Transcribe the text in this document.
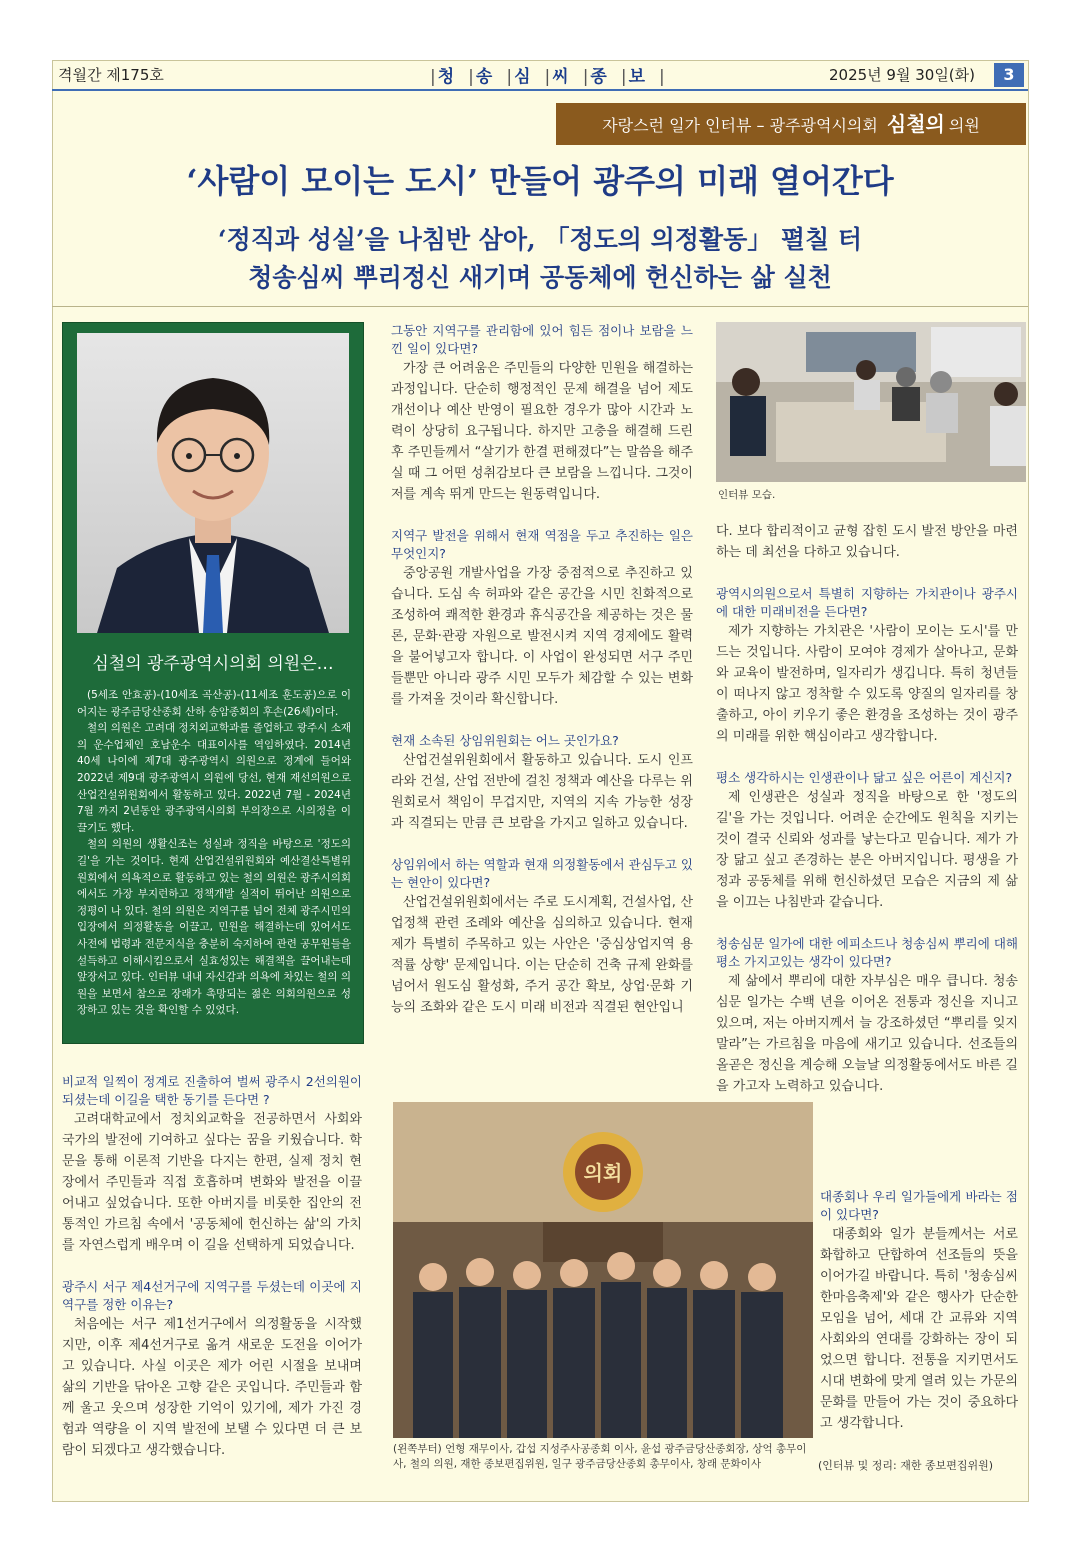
격월간 제175호	| 청 | 송 | 심 | 씨 | 종 | 보 |	2025년 9월 30일(화)	3
자랑스런 일가 인터뷰 – 광주광역시의회 심철의 의원
‘사람이 모이는 도시’ 만들어 광주의 미래 열어간다
‘정직과 성실’을 나침반 삼아, 「정도의 의정활동」 펼칠 터
청송심씨 뿌리정신 새기며 공동체에 헌신하는 삶 실천
심철의 광주광역시의회 의원은…

(5세조 안효공)-(10세조 곡산공)-(11세조 훈도공)으로 이어지는 광주금당산종회 산하 송암종회의 후손(26세)이다.

철의 의원은 고려대 정치외교학과를 졸업하고 광주시 소재의 운수업체인 호남운수 대표이사를 역임하였다. 2014년 40세 나이에 제7대 광주광역시 의원으로 정계에 들어와 2022년 제9대 광주광역시 의원에 당선, 현재 재선의원으로 산업건설위원회에서 활동하고 있다. 2022년 7월 - 2024년 7월 까지 2년동안 광주광역시의회 부의장으로 시의정을 이끌기도 했다.

철의 의원의 생활신조는 성실과 정직을 바탕으로 '정도의 길'을 가는 것이다. 현재 산업건설위원회와 예산결산특별위원회에서 의욕적으로 활동하고 있는 철의 의원은 광주시의회에서도 가장 부지런하고 정책개발 실적이 뛰어난 의원으로 정평이 나 있다. 철의 의원은 지역구를 넘어 전체 광주시민의 입장에서 의정활동을 이끌고, 민원을 해결하는데 있어서도 사전에 법령과 전문지식을 충분히 숙지하여 관련 공무원들을 설득하고 이해시킴으로서 실효성있는 해결책을 끌어내는데 앞장서고 있다. 인터뷰 내내 자신감과 의욕에 차있는 철의 의원을 보면서 참으로 장래가 촉망되는 젊은 의회의원으로 성장하고 있는 것을 확인할 수 있었다.

비교적 일찍이 정계로 진출하여 벌써 광주시 2선의원이 되셨는데 이길을 택한 동기를 든다면 ?

고려대학교에서 정치외교학을 전공하면서 사회와 국가의 발전에 기여하고 싶다는 꿈을 키웠습니다. 학문을 통해 이론적 기반을 다지는 한편, 실제 정치 현장에서 주민들과 직접 호흡하며 변화와 발전을 이끌어내고 싶었습니다. 또한 아버지를 비롯한 집안의 전통적인 가르침 속에서 '공동체에 헌신하는 삶'의 가치를 자연스럽게 배우며 이 길을 선택하게 되었습니다.

광주시 서구 제4선거구에 지역구를 두셨는데 이곳에 지역구를 정한 이유는?

처음에는 서구 제1선거구에서 의정활동을 시작했지만, 이후 제4선거구로 옮겨 새로운 도전을 이어가고 있습니다. 사실 이곳은 제가 어린 시절을 보내며 삶의 기반을 닦아온 고향 같은 곳입니다. 주민들과 함께 울고 웃으며 성장한 기억이 있기에, 제가 가진 경험과 역량을 이 지역 발전에 보탤 수 있다면 더 큰 보람이 되겠다고 생각했습니다.

그동안 지역구를 관리함에 있어 힘든 점이나 보람을 느낀 일이 있다면?

가장 큰 어려움은 주민들의 다양한 민원을 해결하는 과정입니다. 단순히 행정적인 문제 해결을 넘어 제도 개선이나 예산 반영이 필요한 경우가 많아 시간과 노력이 상당히 요구됩니다. 하지만 고충을 해결해 드린 후 주민들께서 “살기가 한결 편해졌다”는 말씀을 해주실 때 그 어떤 성취감보다 큰 보람을 느낍니다. 그것이 저를 계속 뛰게 만드는 원동력입니다.

지역구 발전을 위해서 현재 역점을 두고 추진하는 일은 무엇인지?

중앙공원 개발사업을 가장 중점적으로 추진하고 있습니다. 도심 속 허파와 같은 공간을 시민 친화적으로 조성하여 쾌적한 환경과 휴식공간을 제공하는 것은 물론, 문화·관광 자원으로 발전시켜 지역 경제에도 활력을 불어넣고자 합니다. 이 사업이 완성되면 서구 주민들뿐만 아니라 광주 시민 모두가 체감할 수 있는 변화를 가져올 것이라 확신합니다.

현재 소속된 상임위원회는 어느 곳인가요?

산업건설위원회에서 활동하고 있습니다. 도시 인프라와 건설, 산업 전반에 걸친 정책과 예산을 다루는 위원회로서 책임이 무겁지만, 지역의 지속 가능한 성장과 직결되는 만큼 큰 보람을 가지고 일하고 있습니다.

상임위에서 하는 역할과 현재 의정활동에서 관심두고 있는 현안이 있다면?

산업건설위원회에서는 주로 도시계획, 건설사업, 산업정책 관련 조례와 예산을 심의하고 있습니다. 현재 제가 특별히 주목하고 있는 사안은 '중심상업지역 용적률 상향' 문제입니다. 이는 단순히 건축 규제 완화를 넘어서 원도심 활성화, 주거 공간 확보, 상업·문화 기능의 조화와 같은 도시 미래 비전과 직결된 현안입니

인터뷰 모습.

다. 보다 합리적이고 균형 잡힌 도시 발전 방안을 마련하는 데 최선을 다하고 있습니다.

광역시의원으로서 특별히 지향하는 가치관이나 광주시에 대한 미래비전을 든다면?

제가 지향하는 가치관은 '사람이 모이는 도시'를 만드는 것입니다. 사람이 모여야 경제가 살아나고, 문화와 교육이 발전하며, 일자리가 생깁니다. 특히 청년들이 떠나지 않고 정착할 수 있도록 양질의 일자리를 창출하고, 아이 키우기 좋은 환경을 조성하는 것이 광주의 미래를 위한 핵심이라고 생각합니다.

평소 생각하시는 인생관이나 닮고 싶은 어른이 계신지?

제 인생관은 성실과 정직을 바탕으로 한 '정도의 길'을 가는 것입니다. 어려운 순간에도 원칙을 지키는 것이 결국 신뢰와 성과를 낳는다고 믿습니다. 제가 가장 닮고 싶고 존경하는 분은 아버지입니다. 평생을 가정과 공동체를 위해 헌신하셨던 모습은 지금의 제 삶을 이끄는 나침반과 같습니다.

청송심문 일가에 대한 에피소드나 청송심씨 뿌리에 대해 평소 가지고있는 생각이 있다면?

제 삶에서 뿌리에 대한 자부심은 매우 큽니다. 청송심문 일가는 수백 년을 이어온 전통과 정신을 지니고 있으며, 저는 아버지께서 늘 강조하셨던 “뿌리를 잊지 말라”는 가르침을 마음에 새기고 있습니다. 선조들의 올곧은 정신을 계승해 오늘날 의정활동에서도 바른 길을 가고자 노력하고 있습니다.

대종회나 우리 일가들에게 바라는 점이 있다면?

대종회와 일가 분들께서는 서로 화합하고 단합하여 선조들의 뜻을 이어가길 바랍니다. 특히 '청송심씨 한마음축제'와 같은 행사가 단순한 모임을 넘어, 세대 간 교류와 지역 사회와의 연대를 강화하는 장이 되었으면 합니다. 전통을 지키면서도 시대 변화에 맞게 열려 있는 가문의 문화를 만들어 가는 것이 중요하다고 생각합니다.

의회
(왼쪽부터) 언형 재무이사, 갑섭 지성주사공종회 이사, 윤섭 광주금당산종회장, 상억 총무이사, 철의 의원, 재한 종보편집위원, 일구 광주금당산종회 총무이사, 창래 문화이사	(인터뷰 및 정리: 재한 종보편집위원)
